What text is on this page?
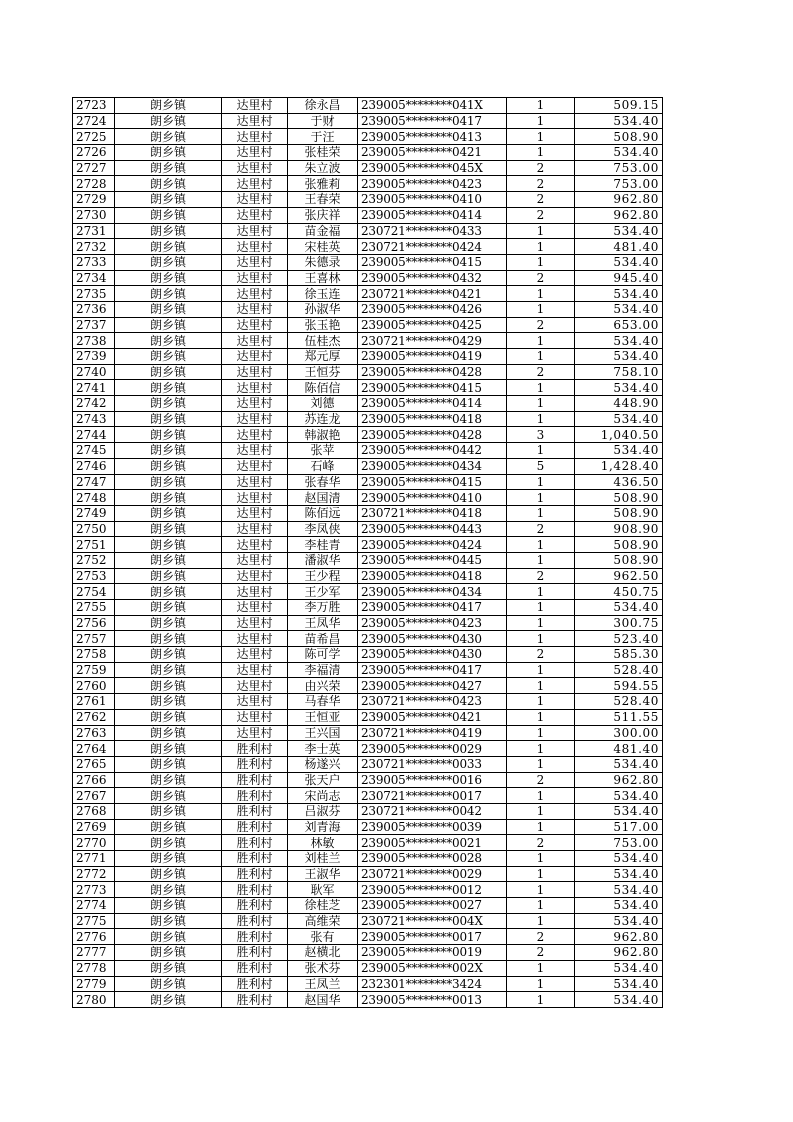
2723	朗乡镇	达里村	徐永昌	239005********041X	1	509.15
2724	朗乡镇	达里村	于财	239005********0417	1	534.40
2725	朗乡镇	达里村	于汪	239005********0413	1	508.90
2726	朗乡镇	达里村	张桂荣	239005********0421	1	534.40
2727	朗乡镇	达里村	朱立波	239005********045X	2	753.00
2728	朗乡镇	达里村	张雅莉	239005********0423	2	753.00
2729	朗乡镇	达里村	王春荣	239005********0410	2	962.80
2730	朗乡镇	达里村	张庆祥	239005********0414	2	962.80
2731	朗乡镇	达里村	苗金福	230721********0433	1	534.40
2732	朗乡镇	达里村	宋桂英	230721********0424	1	481.40
2733	朗乡镇	达里村	朱德录	239005********0415	1	534.40
2734	朗乡镇	达里村	王喜林	239005********0432	2	945.40
2735	朗乡镇	达里村	徐玉连	230721********0421	1	534.40
2736	朗乡镇	达里村	孙淑华	239005********0426	1	534.40
2737	朗乡镇	达里村	张玉艳	239005********0425	2	653.00
2738	朗乡镇	达里村	伍桂杰	230721********0429	1	534.40
2739	朗乡镇	达里村	郑元厚	239005********0419	1	534.40
2740	朗乡镇	达里村	王恒芬	239005********0428	2	758.10
2741	朗乡镇	达里村	陈佰信	239005********0415	1	534.40
2742	朗乡镇	达里村	刘德	239005********0414	1	448.90
2743	朗乡镇	达里村	苏连龙	239005********0418	1	534.40
2744	朗乡镇	达里村	韩淑艳	239005********0428	3	1,040.50
2745	朗乡镇	达里村	张苹	239005********0442	1	534.40
2746	朗乡镇	达里村	石峰	239005********0434	5	1,428.40
2747	朗乡镇	达里村	张春华	239005********0415	1	436.50
2748	朗乡镇	达里村	赵国清	239005********0410	1	508.90
2749	朗乡镇	达里村	陈佰远	230721********0418	1	508.90
2750	朗乡镇	达里村	李凤侠	239005********0443	2	908.90
2751	朗乡镇	达里村	李桂青	239005********0424	1	508.90
2752	朗乡镇	达里村	潘淑华	239005********0445	1	508.90
2753	朗乡镇	达里村	王少程	239005********0418	2	962.50
2754	朗乡镇	达里村	王少军	239005********0434	1	450.75
2755	朗乡镇	达里村	李万胜	239005********0417	1	534.40
2756	朗乡镇	达里村	王凤华	239005********0423	1	300.75
2757	朗乡镇	达里村	苗希昌	239005********0430	1	523.40
2758	朗乡镇	达里村	陈可学	239005********0430	2	585.30
2759	朗乡镇	达里村	李福清	239005********0417	1	528.40
2760	朗乡镇	达里村	由兴荣	239005********0427	1	594.55
2761	朗乡镇	达里村	马春华	230721********0423	1	528.40
2762	朗乡镇	达里村	王恒亚	239005********0421	1	511.55
2763	朗乡镇	达里村	王兴国	230721********0419	1	300.00
2764	朗乡镇	胜利村	李士英	239005********0029	1	481.40
2765	朗乡镇	胜利村	杨遂兴	230721********0033	1	534.40
2766	朗乡镇	胜利村	张天户	239005********0016	2	962.80
2767	朗乡镇	胜利村	宋尚志	230721********0017	1	534.40
2768	朗乡镇	胜利村	吕淑芬	230721********0042	1	534.40
2769	朗乡镇	胜利村	刘青海	239005********0039	1	517.00
2770	朗乡镇	胜利村	林敏	239005********0021	2	753.00
2771	朗乡镇	胜利村	刘桂兰	239005********0028	1	534.40
2772	朗乡镇	胜利村	王淑华	230721********0029	1	534.40
2773	朗乡镇	胜利村	耿军	239005********0012	1	534.40
2774	朗乡镇	胜利村	徐桂芝	239005********0027	1	534.40
2775	朗乡镇	胜利村	高维荣	230721********004X	1	534.40
2776	朗乡镇	胜利村	张有	239005********0017	2	962.80
2777	朗乡镇	胜利村	赵横北	239005********0019	2	962.80
2778	朗乡镇	胜利村	张术芬	239005********002X	1	534.40
2779	朗乡镇	胜利村	王凤兰	232301********3424	1	534.40
2780	朗乡镇	胜利村	赵国华	239005********0013	1	534.40
